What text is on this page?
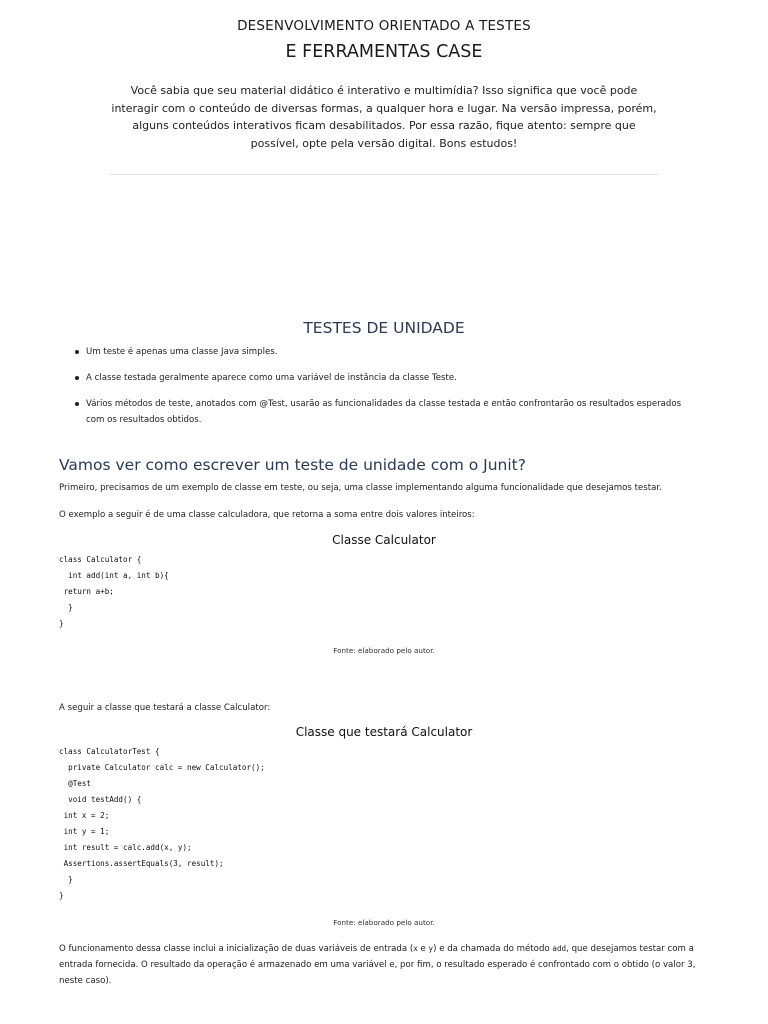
DESENVOLVIMENTO ORIENTADO A TESTES
E FERRAMENTAS CASE

Você sabia que seu material didático é interativo e multimídia? Isso significa que você pode interagir com o conteúdo de diversas formas, a qualquer hora e lugar. Na versão impressa, porém, alguns conteúdos interativos ficam desabilitados. Por essa razão, fique atento: sempre que possível, opte pela versão digital. Bons estudos!

TESTES DE UNIDADE
Um teste é apenas uma classe Java simples.
A classe testada geralmente aparece como uma variável de instância da classe Teste.
Vários métodos de teste, anotados com @Test, usarão as funcionalidades da classe testada e então confrontarão os resultados esperados com os resultados obtidos.
Vamos ver como escrever um teste de unidade com o Junit?

Primeiro, precisamos de um exemplo de classe em teste, ou seja, uma classe implementando alguma funcionalidade que desejamos testar.

O exemplo a seguir é de uma classe calculadora, que retorna a soma entre dois valores inteiros:

Classe Calculator
class Calculator {
int add(int a, int b){
return a+b;
}
}
Fonte: elaborado pelo autor.

A seguir a classe que testará a classe Calculator:

Classe que testará Calculator
class CalculatorTest {
private Calculator calc = new Calculator();
@Test
void testAdd() {
int x = 2;
int y = 1;
int result = calc.add(x, y);
Assertions.assertEquals(3, result);
}
}
Fonte: elaborado pelo autor.

O funcionamento dessa classe inclui a inicialização de duas variáveis de entrada (x e y) e da chamada do método add, que desejamos testar com a entrada fornecida. O resultado da operação é armazenado em uma variável e, por fim, o resultado esperado é confrontado com o obtido (o valor 3, neste caso).
